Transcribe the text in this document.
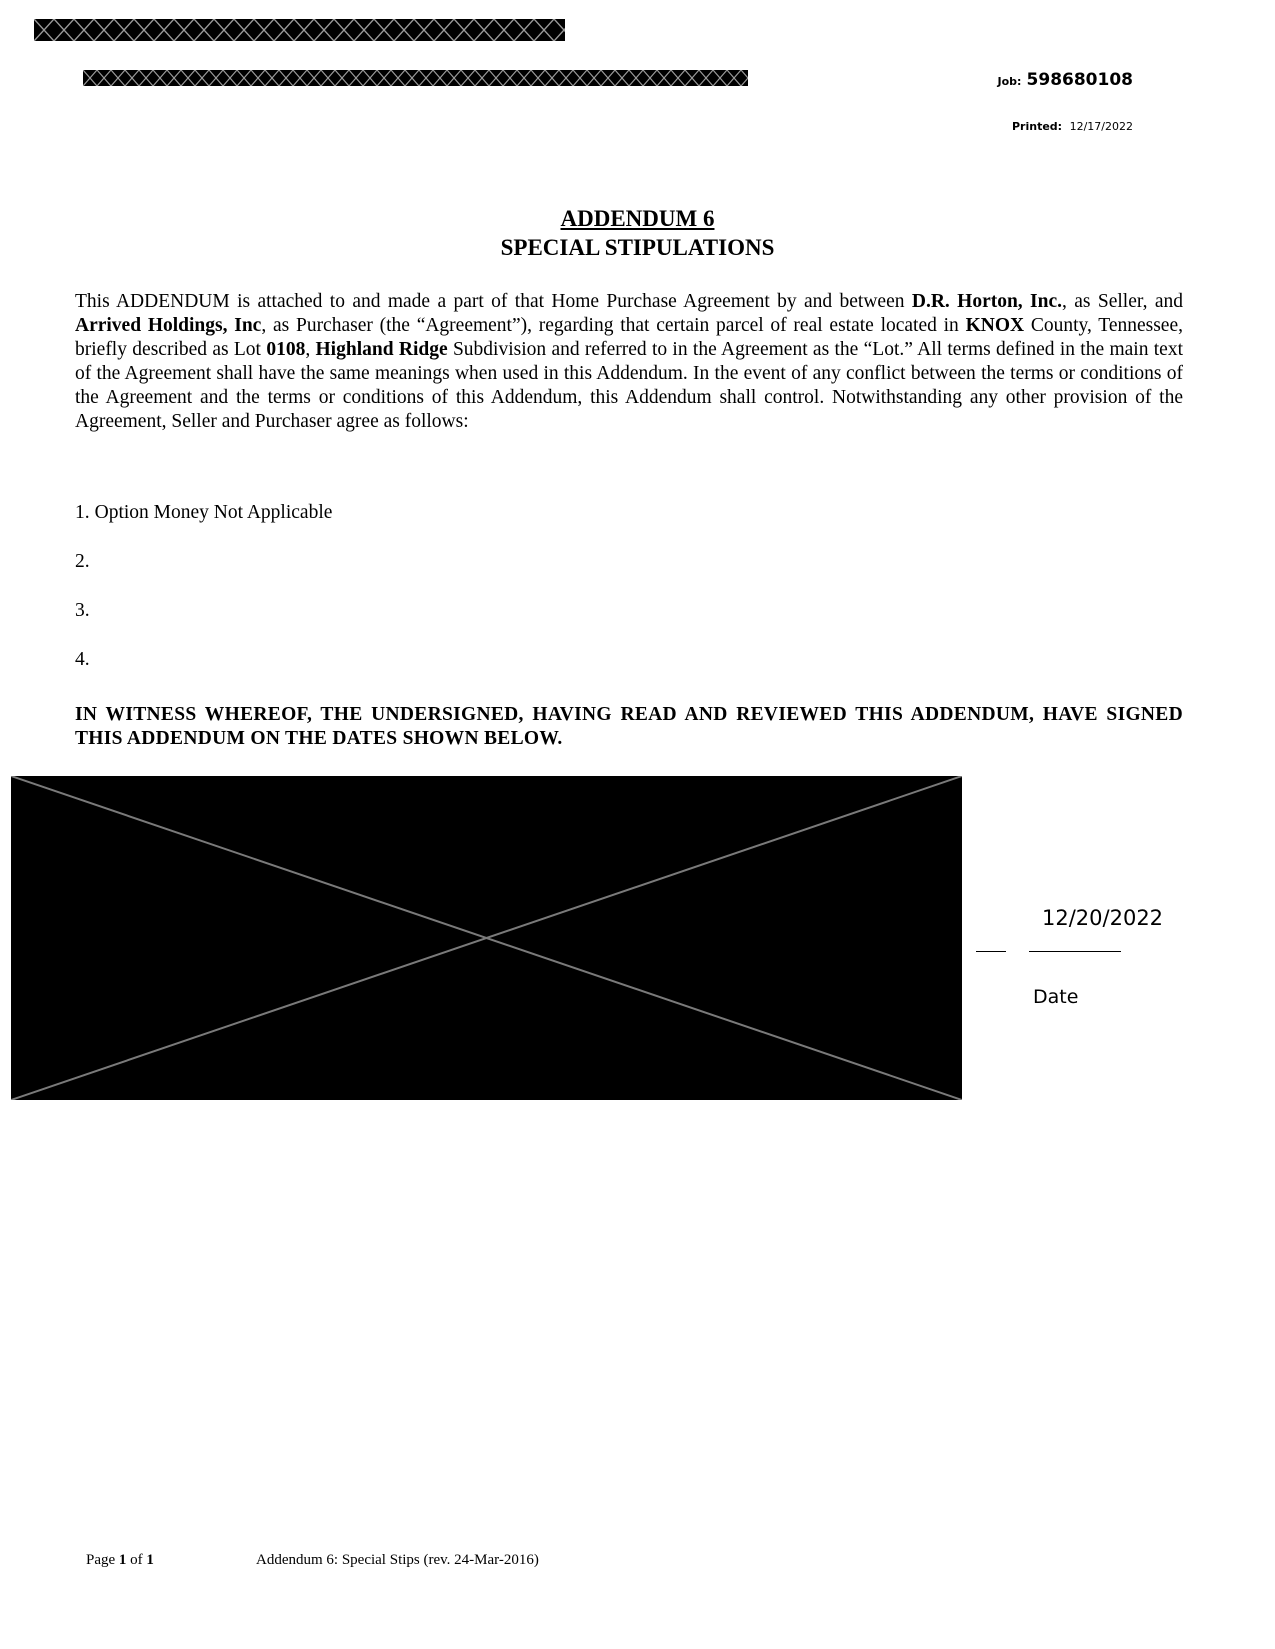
Job: 598680108
Printed: 12/17/2022
ADDENDUM 6
SPECIAL STIPULATIONS

This ADDENDUM is attached to and made a part of that Home Purchase Agreement by and between D.R. Horton, Inc., as Seller, and Arrived Holdings, Inc, as Purchaser (the “Agreement”), regarding that certain parcel of real estate located in KNOX County, Tennessee, briefly described as Lot 0108, Highland Ridge Subdivision and referred to in the Agreement as the “Lot.” All terms defined in the main text of the Agreement shall have the same meanings when used in this Addendum. In the event of any conflict between the terms or conditions of the Agreement and the terms or conditions of this Addendum, this Addendum shall control. Notwithstanding any other provision of the Agreement, Seller and Purchaser agree as follows:

1. Option Money Not Applicable
2.
3.
4.

IN WITNESS WHEREOF, THE UNDERSIGNED, HAVING READ AND REVIEWED THIS ADDENDUM, HAVE SIGNED THIS ADDENDUM ON THE DATES SHOWN BELOW.

12/20/2022
Date
Page 1 of 1	Addendum 6: Special Stips (rev. 24-Mar-2016)
